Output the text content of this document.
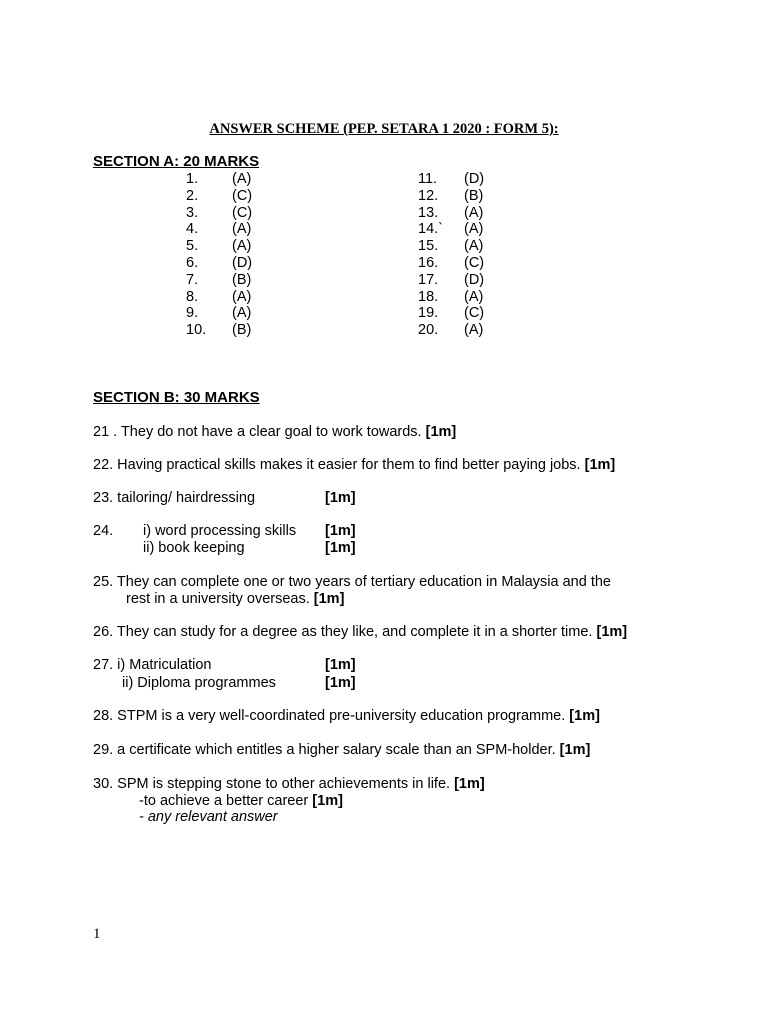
ANSWER SCHEME (PEP. SETARA 1 2020 : FORM 5):
SECTION A: 20 MARKS
1. (A)
2. (C)
3. (C)
4. (A)
5. (A)
6. (D)
7. (B)
8. (A)
9. (A)
10. (B)
11. (D)
12. (B)
13. (A)
14.` (A)
15. (A)
16. (C)
17. (D)
18. (A)
19. (C)
20. (A)
SECTION B: 30 MARKS
21 . They do not have a clear goal to work towards. [1m]
22. Having practical skills makes it easier for them to find better paying jobs. [1m]
23. tailoring/ hairdressing	[1m]
24. i) word processing skills [1m]
ii) book keeping	[1m]
25. They can complete one or two years of tertiary education in Malaysia and the
rest in a university overseas. [1m]
26. They can study for a degree as they like, and complete it in a shorter time. [1m]
27. i) Matriculation	[1m]
ii) Diploma programmes	[1m]
28. STPM is a very well-coordinated pre-university education programme. [1m]
29. a certificate which entitles a higher salary scale than an SPM-holder. [1m]
30. SPM is stepping stone to other achievements in life. [1m]
-to achieve a better career [1m]
- any relevant answer
1
